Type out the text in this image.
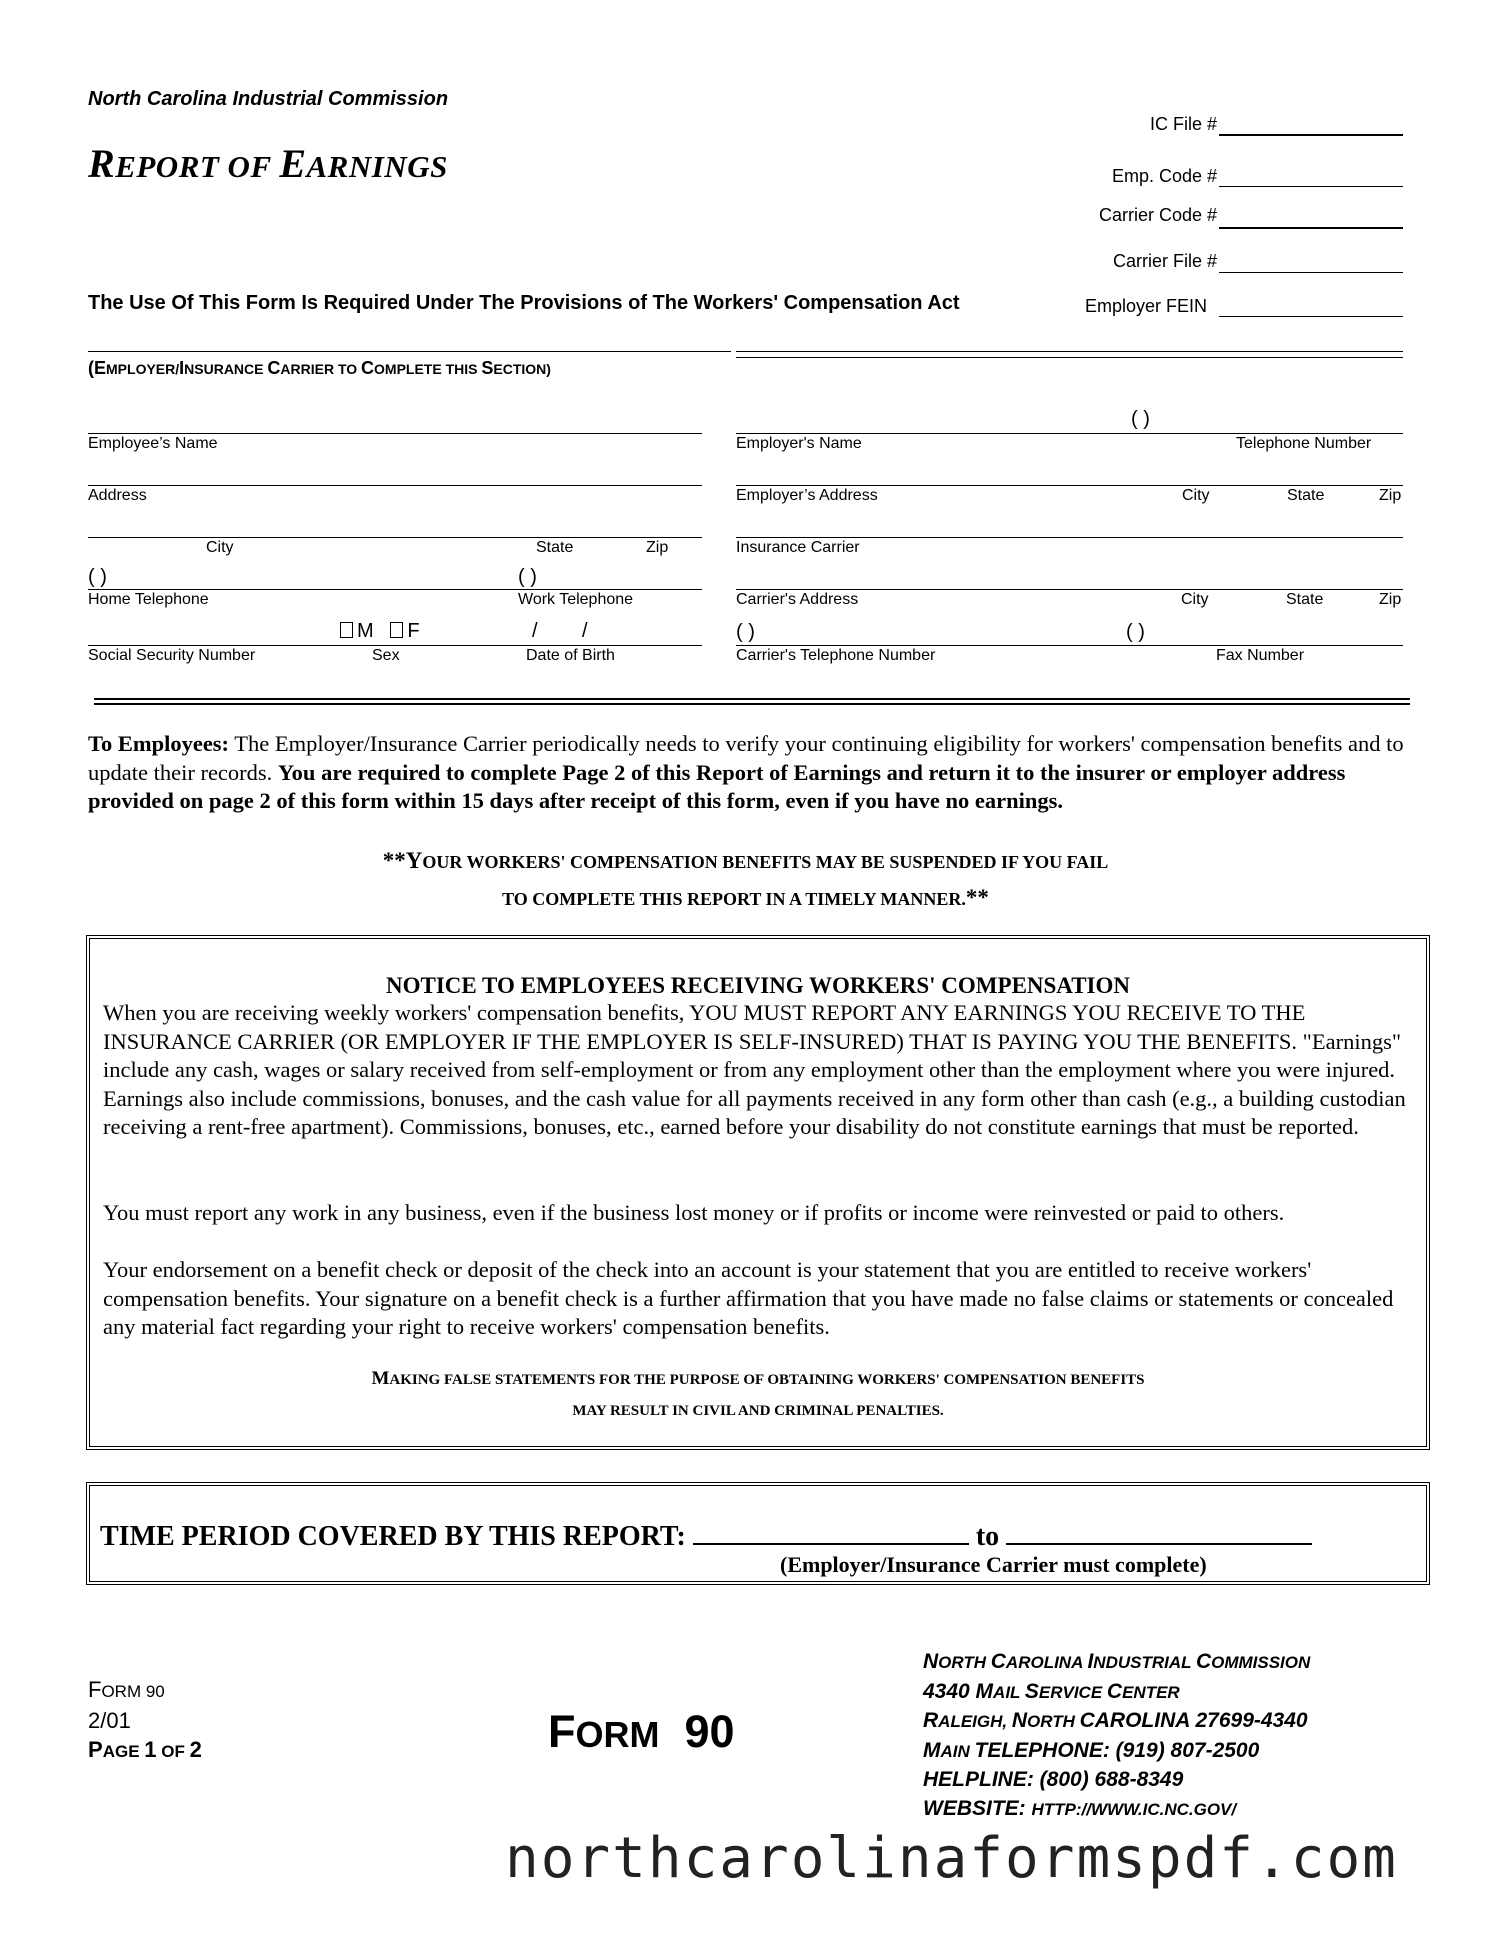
North Carolina Industrial Commission
REPORT OF EARNINGS
IC File #
Emp. Code #
Carrier Code #
Carrier File #
Employer FEIN
The Use Of This Form Is Required Under The Provisions of The Workers' Compensation Act
(EMPLOYER/INSURANCE CARRIER TO COMPLETE THIS SECTION)
Employee’s Name
Address
City	State	Zip
( )	( )
Home Telephone	Work Telephone
M F	/        /
Social Security Number	Sex	Date of Birth
( )
Employer's Name	Telephone Number
Employer’s Address	City	State	Zip
Insurance Carrier
Carrier's Address	City	State	Zip
( )	( )
Carrier's Telephone Number	Fax Number
To Employees: The Employer/Insurance Carrier periodically needs to verify your continuing eligibility for workers' compensation benefits and to update their records. You are required to complete Page 2 of this Report of Earnings and return it to the insurer or employer address provided on page 2 of this form within 15 days after receipt of this form, even if you have no earnings.
**YOUR WORKERS' COMPENSATION BENEFITS MAY BE SUSPENDED IF YOU FAIL
TO COMPLETE THIS REPORT IN A TIMELY MANNER.**
NOTICE TO EMPLOYEES RECEIVING WORKERS' COMPENSATION
When you are receiving weekly workers' compensation benefits, YOU MUST REPORT ANY EARNINGS YOU RECEIVE TO THE INSURANCE CARRIER (OR EMPLOYER IF THE EMPLOYER IS SELF-INSURED) THAT IS PAYING YOU THE BENEFITS. "Earnings" include any cash, wages or salary received from self-employment or from any employment other than the employment where you were injured. Earnings also include commissions, bonuses, and the cash value for all payments received in any form other than cash (e.g., a building custodian receiving a rent-free apartment). Commissions, bonuses, etc., earned before your disability do not constitute earnings that must be reported.
You must report any work in any business, even if the business lost money or if profits or income were reinvested or paid to others.
Your endorsement on a benefit check or deposit of the check into an account is your statement that you are entitled to receive workers' compensation benefits. Your signature on a benefit check is a further affirmation that you have made no false claims or statements or concealed any material fact regarding your right to receive workers' compensation benefits.
MAKING FALSE STATEMENTS FOR THE PURPOSE OF OBTAINING WORKERS' COMPENSATION BENEFITS
MAY RESULT IN CIVIL AND CRIMINAL PENALTIES.
TIME PERIOD COVERED BY THIS REPORT:	to
(Employer/Insurance Carrier must complete)
FORM 90
2/01
PAGE 1 OF 2	FORM  90
NORTH CAROLINA INDUSTRIAL COMMISSION
4340 MAIL SERVICE CENTER
RALEIGH, NORTH CAROLINA 27699-4340
MAIN TELEPHONE: (919) 807-2500
HELPLINE: (800) 688-8349
WEBSITE: HTTP://WWW.IC.NC.GOV/
northcarolinaformspdf.com
